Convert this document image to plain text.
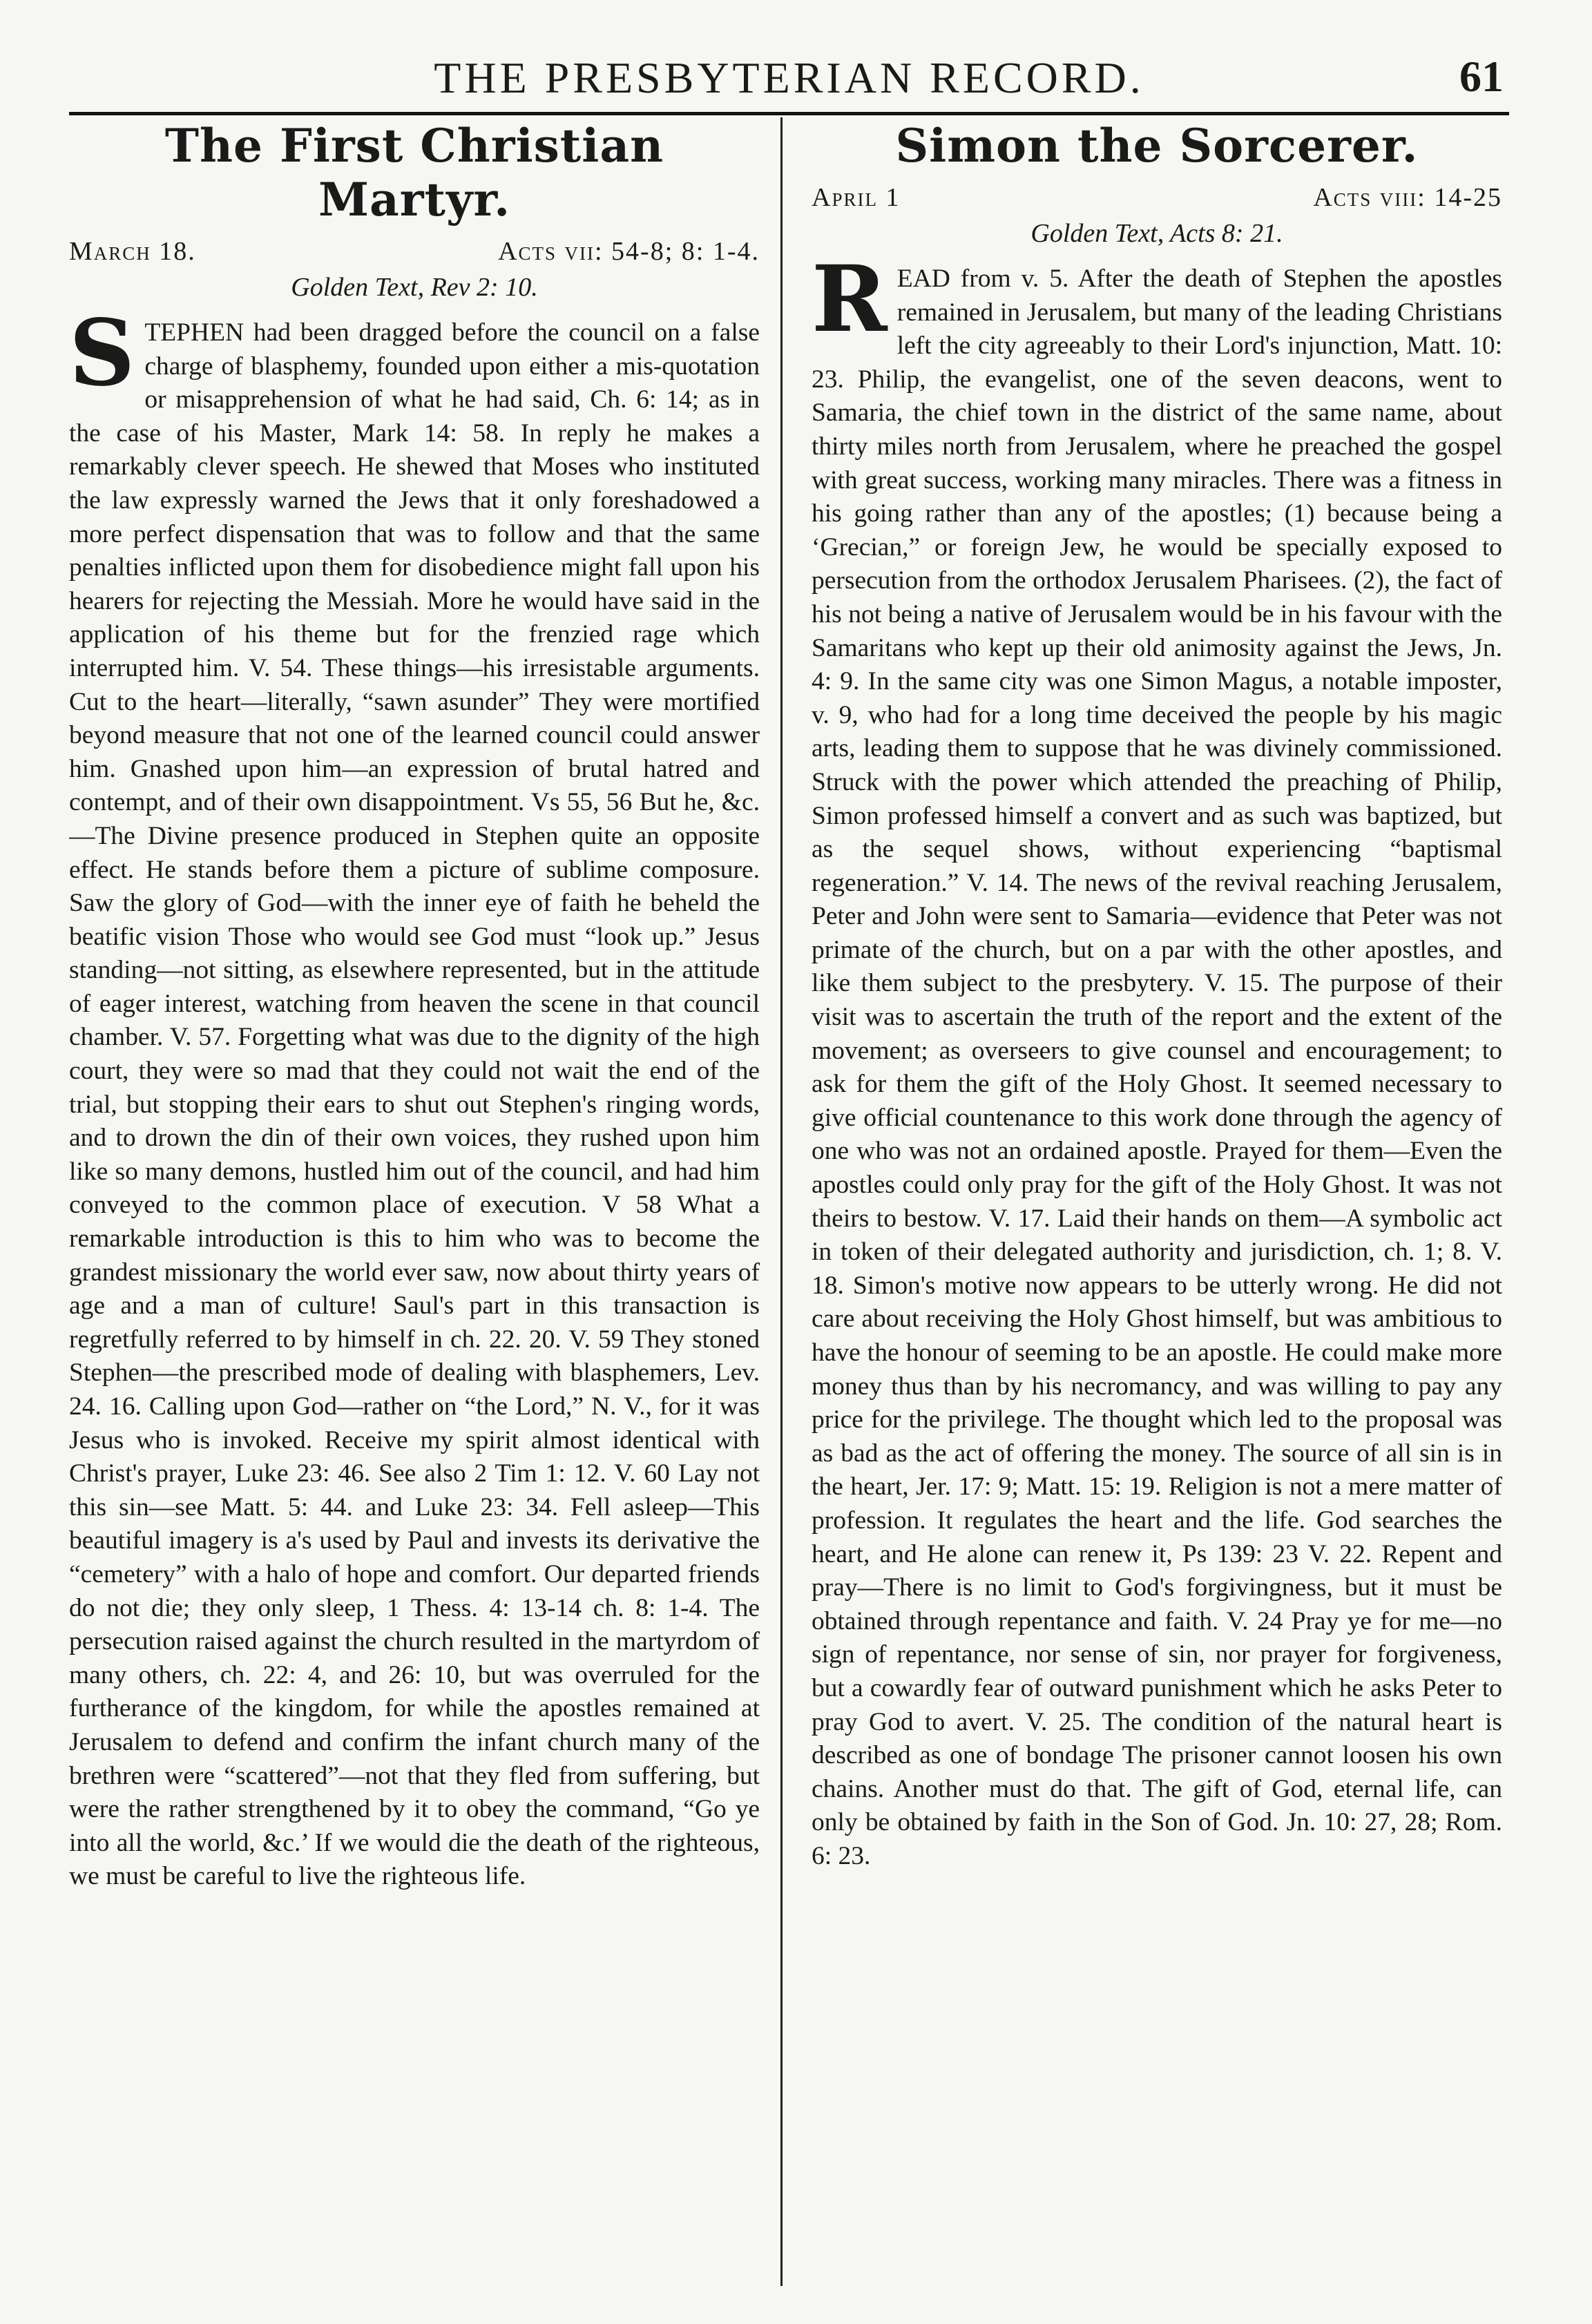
THE PRESBYTERIAN RECORD.	61
The First Christian Martyr.
March 18.	Acts vii: 54-8; 8: 1-4.
Golden Text, Rev 2: 10.

STEPHEN had been dragged before the council on a false charge of blasphemy, founded upon either a mis-quotation or misapprehension of what he had said, Ch. 6: 14; as in the case of his Master, Mark 14: 58. In reply he makes a remarkably clever speech. He shewed that Moses who instituted the law expressly warned the Jews that it only foreshadowed a more perfect dispensation that was to follow and that the same penalties inflicted upon them for disobedience might fall upon his hearers for rejecting the Messiah. More he would have said in the application of his theme but for the frenzied rage which interrupted him. V. 54. These things—his irresistable arguments. Cut to the heart—literally, “sawn asunder” They were mortified beyond measure that not one of the learned council could answer him. Gnashed upon him—an expression of brutal hatred and contempt, and of their own disappointment. Vs 55, 56 But he, &c.—The Divine presence produced in Stephen quite an opposite effect. He stands before them a picture of sublime composure. Saw the glory of God—with the inner eye of faith he beheld the beatific vision Those who would see God must “look up.” Jesus standing—not sitting, as elsewhere represented, but in the attitude of eager interest, watching from heaven the scene in that council chamber. V. 57. Forgetting what was due to the dignity of the high court, they were so mad that they could not wait the end of the trial, but stopping their ears to shut out Stephen's ringing words, and to drown the din of their own voices, they rushed upon him like so many demons, hustled him out of the council, and had him conveyed to the common place of execution. V 58 What a remarkable introduction is this to him who was to become the grandest missionary the world ever saw, now about thirty years of age and a man of culture! Saul's part in this transaction is regretfully referred to by himself in ch. 22. 20. V. 59 They stoned Stephen—the prescribed mode of dealing with blasphemers, Lev. 24. 16. Calling upon God—rather on “the Lord,” N. V., for it was Jesus who is invoked. Receive my spirit almost identical with Christ's prayer, Luke 23: 46. See also 2 Tim 1: 12. V. 60 Lay not this sin—see Matt. 5: 44. and Luke 23: 34. Fell asleep—This beautiful imagery is a's used by Paul and invests its derivative the “cemetery” with a halo of hope and comfort. Our departed friends do not die; they only sleep, 1 Thess. 4: 13-14 ch. 8: 1-4. The persecution raised against the church resulted in the martyrdom of many others, ch. 22: 4, and 26: 10, but was overruled for the furtherance of the kingdom, for while the apostles remained at Jerusalem to defend and confirm the infant church many of the brethren were “scattered”—not that they fled from suffering, but were the rather strengthened by it to obey the command, “Go ye into all the world, &c.’ If we would die the death of the righteous, we must be careful to live the righteous life.

Simon the Sorcerer.
April 1	Acts viii: 14-25
Golden Text, Acts 8: 21.

READ from v. 5. After the death of Stephen the apostles remained in Jerusalem, but many of the leading Christians left the city agreeably to their Lord's injunction, Matt. 10: 23. Philip, the evangelist, one of the seven deacons, went to Samaria, the chief town in the district of the same name, about thirty miles north from Jerusalem, where he preached the gospel with great success, working many miracles. There was a fitness in his going rather than any of the apostles; (1) because being a ‘Grecian,” or foreign Jew, he would be specially exposed to persecution from the orthodox Jerusalem Pharisees. (2), the fact of his not being a native of Jerusalem would be in his favour with the Samaritans who kept up their old animosity against the Jews, Jn. 4: 9. In the same city was one Simon Magus, a notable imposter, v. 9, who had for a long time deceived the people by his magic arts, leading them to suppose that he was divinely commissioned. Struck with the power which attended the preaching of Philip, Simon professed himself a convert and as such was baptized, but as the sequel shows, without experiencing “baptismal regeneration.” V. 14. The news of the revival reaching Jerusalem, Peter and John were sent to Samaria—evidence that Peter was not primate of the church, but on a par with the other apostles, and like them subject to the presbytery. V. 15. The purpose of their visit was to ascertain the truth of the report and the extent of the movement; as overseers to give counsel and encouragement; to ask for them the gift of the Holy Ghost. It seemed necessary to give official countenance to this work done through the agency of one who was not an ordained apostle. Prayed for them—Even the apostles could only pray for the gift of the Holy Ghost. It was not theirs to bestow. V. 17. Laid their hands on them—A symbolic act in token of their delegated authority and jurisdiction, ch. 1; 8. V. 18. Simon's motive now appears to be utterly wrong. He did not care about receiving the Holy Ghost himself, but was ambitious to have the honour of seeming to be an apostle. He could make more money thus than by his necromancy, and was willing to pay any price for the privilege. The thought which led to the proposal was as bad as the act of offering the money. The source of all sin is in the heart, Jer. 17: 9; Matt. 15: 19. Religion is not a mere matter of profession. It regulates the heart and the life. God searches the heart, and He alone can renew it, Ps 139: 23 V. 22. Repent and pray—There is no limit to God's forgivingness, but it must be obtained through repentance and faith. V. 24 Pray ye for me—no sign of repentance, nor sense of sin, nor prayer for forgiveness, but a cowardly fear of outward punishment which he asks Peter to pray God to avert. V. 25. The condition of the natural heart is described as one of bondage The prisoner cannot loosen his own chains. Another must do that. The gift of God, eternal life, can only be obtained by faith in the Son of God. Jn. 10: 27, 28; Rom. 6: 23.
